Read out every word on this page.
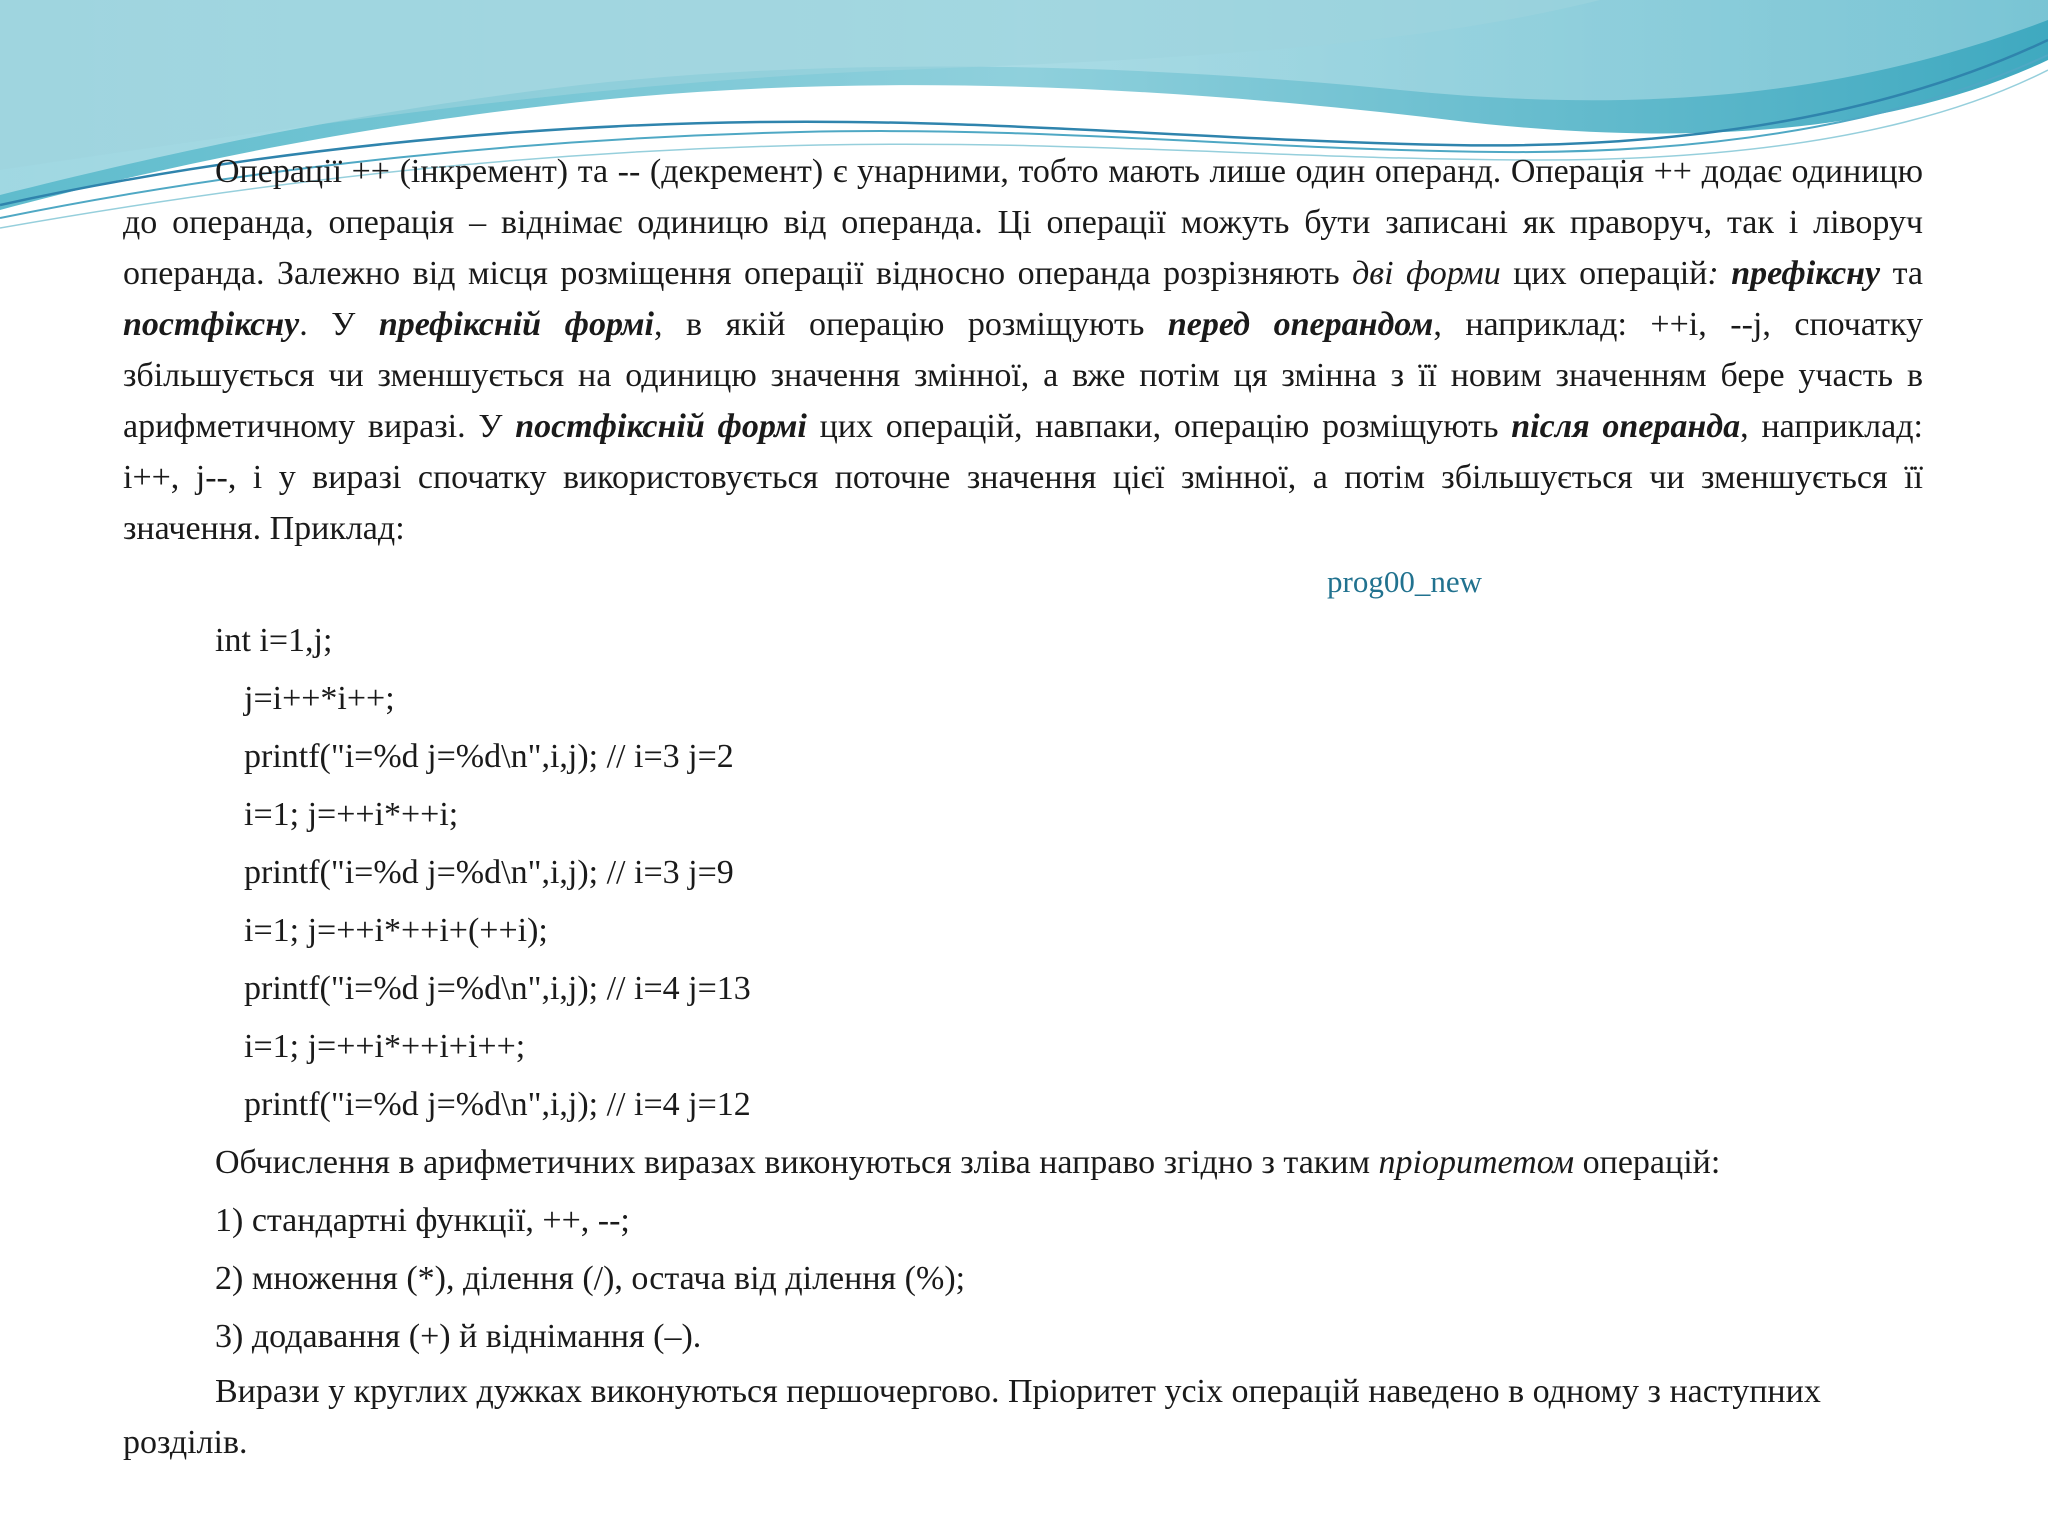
Операції ++ (інкремент) та -- (декремент) є унарними, тобто мають лише один операнд. Операція ++ додає одиницю до операнда, операція – віднімає одиницю від операнда. Ці операції можуть бути записані як праворуч, так і ліворуч операнда. Залежно від місця розміщення операції відносно операнда розрізняють дві форми цих операцій: префіксну та постфіксну. У префіксній формі, в якій операцію розміщують перед операндом, наприклад: ++i, --j, спочатку збільшується чи зменшується на одиницю значення змінної, а вже потім ця змінна з її новим значенням бере участь в арифметичному виразі. У постфіксній формі цих операцій, навпаки, операцію розміщують після операнда, наприклад: i++, j--, і у виразі спочатку використовується поточне значення цієї змінної, а потім збільшується чи зменшується її значення. Приклад:

prog00_new
int i=1,j;
j=i++*i++;
printf("i=%d j=%d\n",i,j); // i=3 j=2
i=1; j=++i*++i;
printf("i=%d j=%d\n",i,j); // i=3 j=9
i=1; j=++i*++i+(++i);
printf("i=%d j=%d\n",i,j); // i=4 j=13
i=1; j=++i*++i+i++;
printf("i=%d j=%d\n",i,j); // i=4 j=12
Обчислення в арифметичних виразах виконуються зліва направо згідно з таким пріоритетом операцій:
1) стандартні функції, ++, --;
2) множення (*), ділення (/), остача від ділення (%);
3) додавання (+) й віднімання (–).

Вирази у круглих дужках виконуються першочергово. Пріоритет усіх операцій наведено в одному з наступних розділів.
